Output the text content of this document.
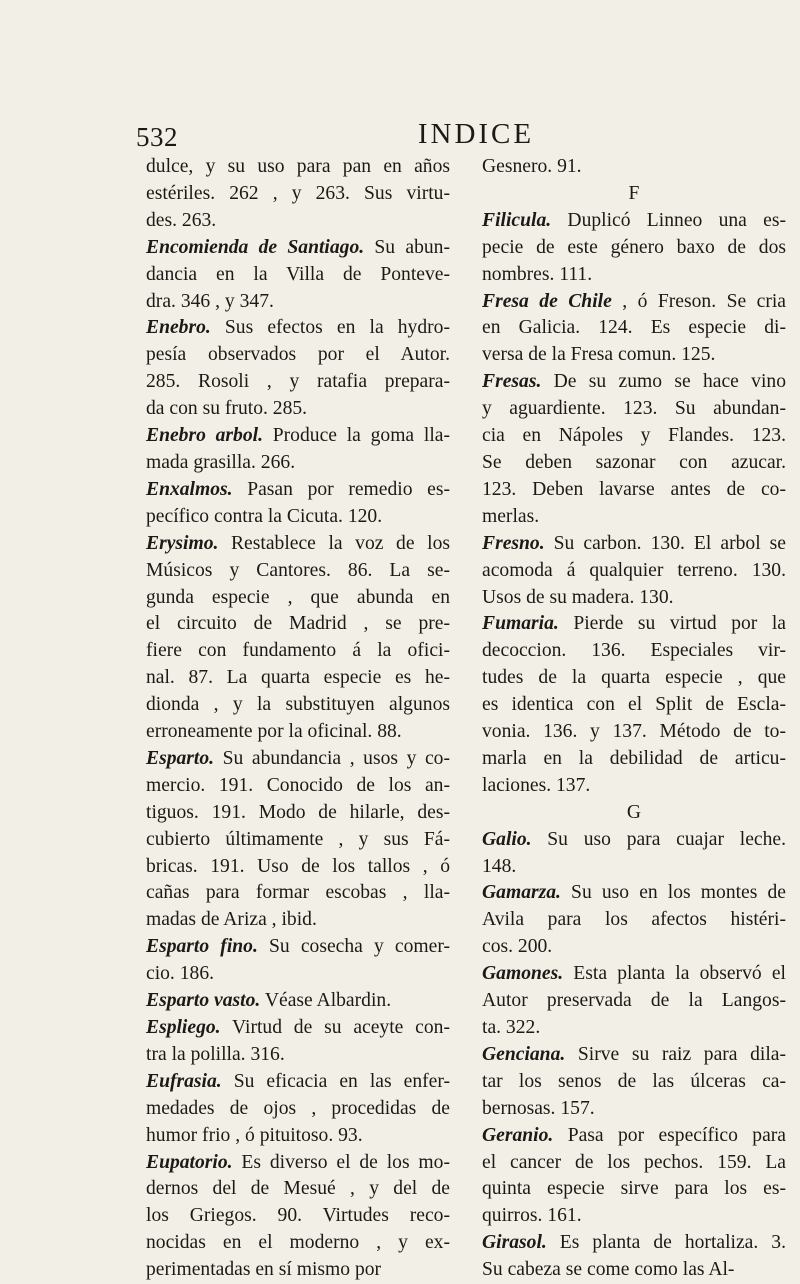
532	INDICE
dulce, y su uso para pan en años
estériles. 262 , y 263. Sus virtu-
des. 263.
Encomienda de Santiago. Su abun-
dancia en la Villa de Ponteve-
dra. 346 , y 347.
Enebro. Sus efectos en la hydro-
pesía observados por el Autor.
285. Rosoli , y ratafia prepara-
da con su fruto. 285.
Enebro arbol. Produce la goma lla-
mada grasilla. 266.
Enxalmos. Pasan por remedio es-
pecífico contra la Cicuta. 120.
Erysimo. Restablece la voz de los
Músicos y Cantores. 86. La se-
gunda especie , que abunda en
el circuito de Madrid , se pre-
fiere con fundamento á la ofici-
nal. 87. La quarta especie es he-
dionda , y la substituyen algunos
erroneamente por la oficinal. 88.
Esparto. Su abundancia , usos y co-
mercio. 191. Conocido de los an-
tiguos. 191. Modo de hilarle, des-
cubierto últimamente , y sus Fá-
bricas. 191. Uso de los tallos , ó
cañas para formar escobas , lla-
madas de Ariza , ibid.
Esparto fino. Su cosecha y comer-
cio. 186.
Esparto vasto. Véase Albardin.
Espliego. Virtud de su aceyte con-
tra la polilla. 316.
Eufrasia. Su eficacia en las enfer-
medades de ojos , procedidas de
humor frio , ó pituitoso. 93.
Eupatorio. Es diverso el de los mo-
dernos del de Mesué , y del de
los Griegos. 90. Virtudes reco-
nocidas en el moderno , y ex-
perimentadas en sí mismo por
Gesnero. 91.

F

Filicula. Duplicó Linneo una es-
pecie de este género baxo de dos
nombres. 111.
Fresa de Chile , ó Freson. Se cria
en Galicia. 124. Es especie di-
versa de la Fresa comun. 125.
Fresas. De su zumo se hace vino
y aguardiente. 123. Su abundan-
cia en Nápoles y Flandes. 123.
Se deben sazonar con azucar.
123. Deben lavarse antes de co-
merlas.
Fresno. Su carbon. 130. El arbol se
acomoda á qualquier terreno. 130.
Usos de su madera. 130.
Fumaria. Pierde su virtud por la
decoccion. 136. Especiales vir-
tudes de la quarta especie , que
es identica con el Split de Escla-
vonia. 136. y 137. Método de to-
marla en la debilidad de articu-
laciones. 137.

G

Galio. Su uso para cuajar leche.
148.
Gamarza. Su uso en los montes de
Avila para los afectos histéri-
cos. 200.
Gamones. Esta planta la observó el
Autor preservada de la Langos-
ta. 322.
Genciana. Sirve su raiz para dila-
tar los senos de las úlceras ca-
bernosas. 157.
Geranio. Pasa por específico para
el cancer de los pechos. 159. La
quinta especie sirve para los es-
quirros. 161.
Girasol. Es planta de hortaliza. 3.
Su cabeza se come como las Al-
